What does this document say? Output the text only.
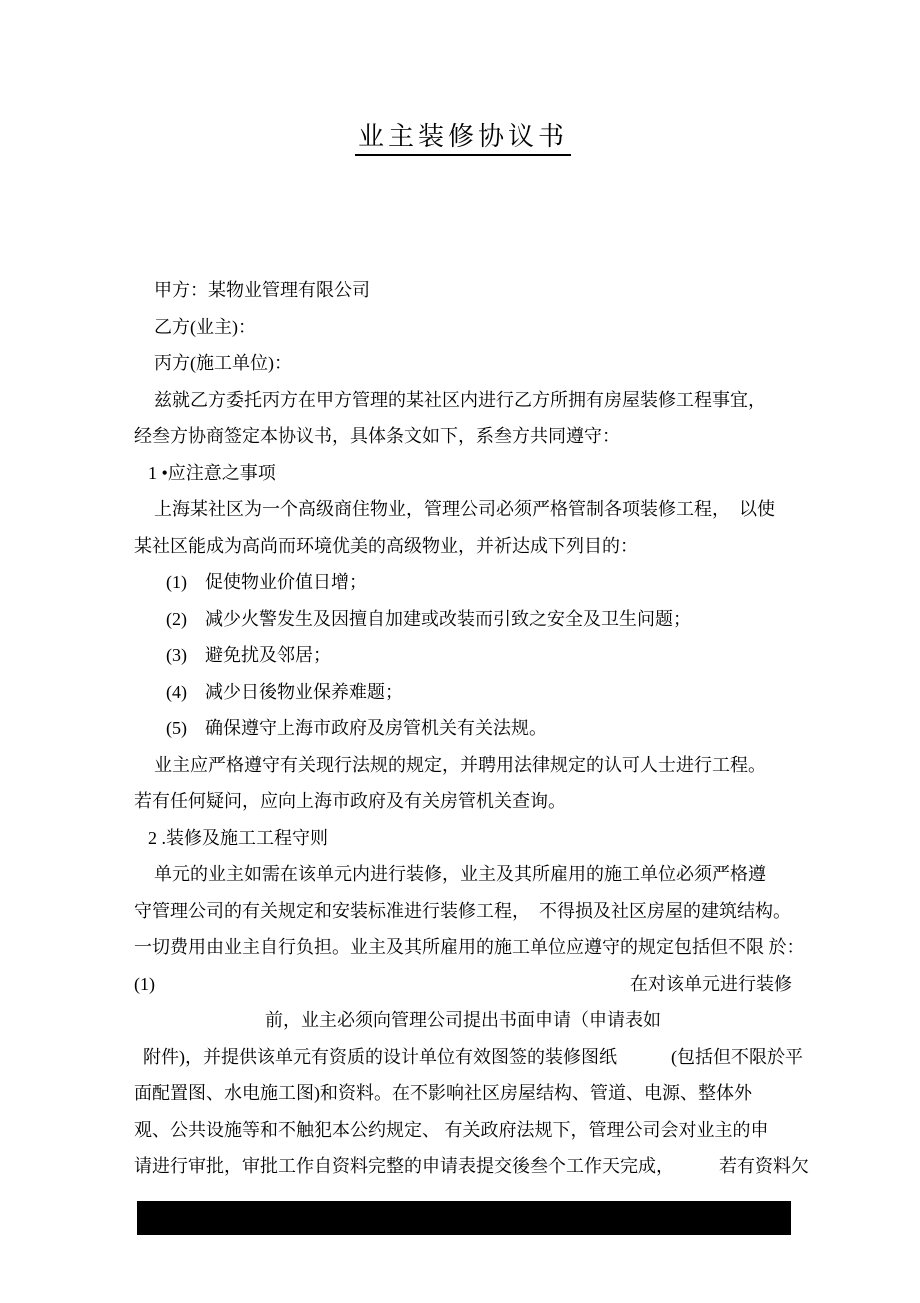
业主装修协议书
甲方：某物业管理有限公司
乙方(业主)：
丙方(施工单位)：
兹就乙方委托丙方在甲方管理的某社区内进行乙方所拥有房屋装修工程事宜，
经叁方协商签定本协议书，具体条文如下，系叁方共同遵守：
1 •应注意之事项
上海某社区为一个高级商住物业，管理公司必须严格管制各项装修工程，　以使
某社区能成为高尚而环境优美的高级物业，并祈达成下列目的：
(1)　促使物业价值日增；
(2)　减少火警发生及因擅自加建或改装而引致之安全及卫生问题；
(3)　避免扰及邻居；
(4)　减少日後物业保养难题；
(5)　确保遵守上海市政府及房管机关有关法规。
业主应严格遵守有关现行法规的规定，并聘用法律规定的认可人士进行工程。
若有任何疑问，应向上海市政府及有关房管机关查询。
2 .装修及施工工程守则
单元的业主如需在该单元内进行装修，业主及其所雇用的施工单位必须严格遵
守管理公司的有关规定和安装标准进行装修工程，　不得损及社区房屋的建筑结构。
一切费用由业主自行负担。业主及其所雇用的施工单位应遵守的规定包括但不限 於：
(1)	在对该单元进行装修
前，业主必须向管理公司提出书面申请（申请表如
附件)，并提供该单元有资质的设计单位有效图签的装修图纸　　　(包括但不限於平
面配置图、水电施工图)和资料。在不影响社区房屋结构、管道、电源、整体外
观、公共设施等和不触犯本公约规定、 有关政府法规下，管理公司会对业主的申
请进行审批，审批工作自资料完整的申请表提交後叁个工作天完成，　　　若有资料欠
